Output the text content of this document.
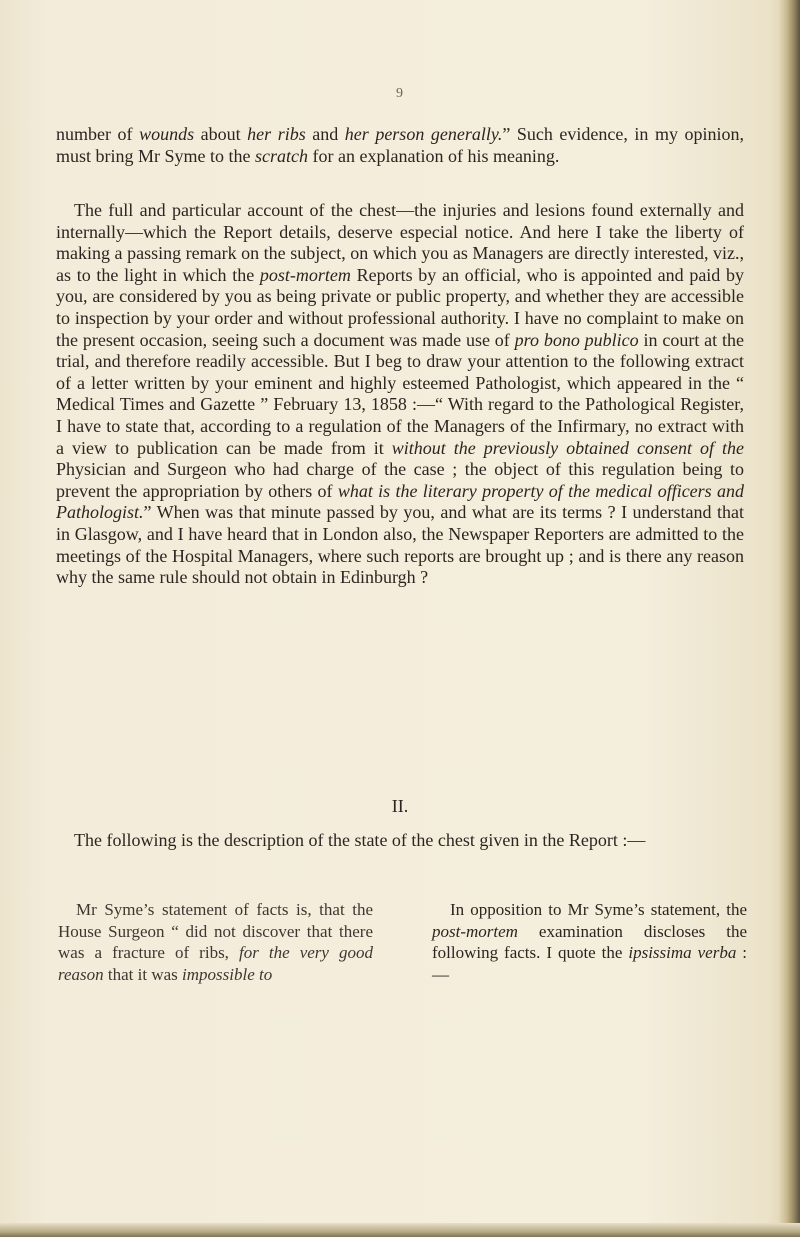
9

number of wounds about her ribs and her person generally.” Such evidence, in my opinion, must bring Mr Syme to the scratch for an explanation of his meaning.

The full and particular account of the chest—the injuries and lesions found externally and internally—which the Report details, deserve especial notice. And here I take the liberty of making a passing remark on the subject, on which you as Managers are directly interested, viz., as to the light in which the post-mortem Reports by an official, who is appointed and paid by you, are considered by you as being private or public property, and whether they are accessible to inspection by your order and without professional authority. I have no complaint to make on the present occasion, seeing such a document was made use of pro bono publico in court at the trial, and therefore readily accessible. But I beg to draw your attention to the following extract of a letter written by your eminent and highly esteemed Pathologist, which appeared in the “ Medical Times and Gazette ” February 13, 1858 :—“ With regard to the Pathological Register, I have to state that, according to a regulation of the Managers of the Infirmary, no extract with a view to publication can be made from it without the previously obtained consent of the Physician and Surgeon who had charge of the case ; the object of this regulation being to prevent the appropriation by others of what is the literary property of the medical officers and Pathologist.” When was that minute passed by you, and what are its terms ? I understand that in Glasgow, and I have heard that in London also, the Newspaper Reporters are admitted to the meetings of the Hospital Managers, where such reports are brought up ; and is there any reason why the same rule should not obtain in Edinburgh ?

II.

The following is the description of the state of the chest given in the Report :—

Mr Syme’s statement of facts is, that the House Surgeon “ did not discover that there was a fracture of ribs, for the very good reason that it was impossible to

In opposition to Mr Syme’s statement, the post-mortem examination discloses the following facts. I quote the ipsissima verba :—
